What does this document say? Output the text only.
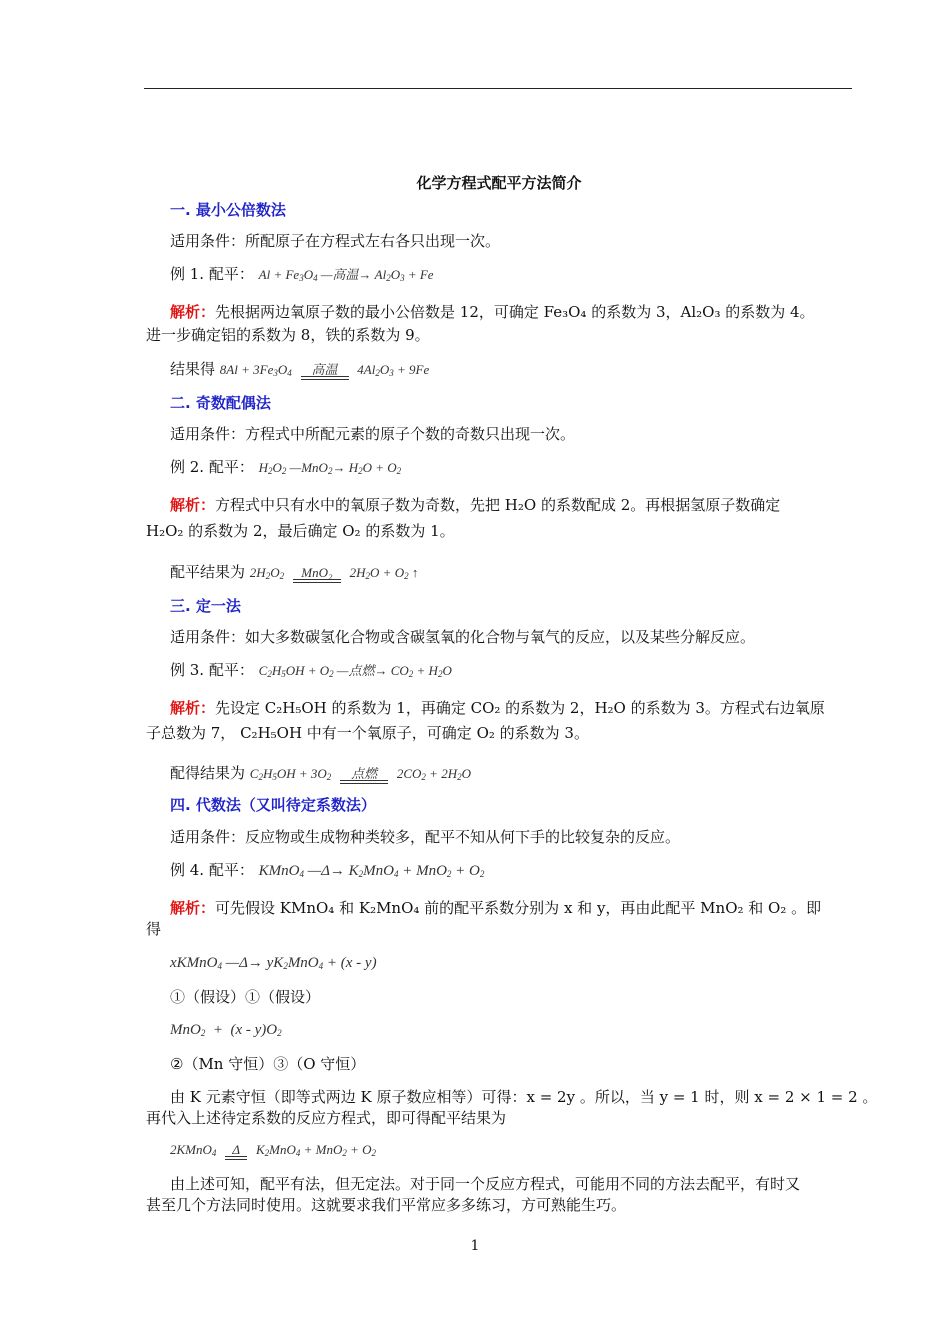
化学方程式配平方法简介
一. 最小公倍数法
适用条件：所配原子在方程式左右各只出现一次。
例 1. 配平： $Al + Fe_3O_4$ —高温→ $Al_2O_3 + Fe$
解析：先根据两边氧原子数的最小公倍数是 12，可确定 Fe₃O₄ 的系数为 3，Al₂O₃ 的系数为 4。
进一步确定铝的系数为 8，铁的系数为 9。
结果得 $8Al + 3Fe_3O_4$	高温	$4Al_2O_3 + 9Fe$
二. 奇数配偶法
适用条件：方程式中所配元素的原子个数的奇数只出现一次。
例 2. 配平： $H_2O_2$ —MnO$_2$→ $H_2O + O_2$
解析：方程式中只有水中的氧原子数为奇数，先把 H₂O 的系数配成 2。再根据氢原子数确定
H₂O₂ 的系数为 2，最后确定 O₂ 的系数为 1。
配平结果为 $2H_2O_2$	MnO₂	$2H_2O + O_2$ ↑
三. 定一法
适用条件：如大多数碳氢化合物或含碳氢氧的化合物与氧气的反应，以及某些分解反应。
例 3. 配平： $C_2H_5OH + O_2$ —点燃→ $CO_2 + H_2O$
解析：先设定 C₂H₅OH 的系数为 1，再确定 CO₂ 的系数为 2，H₂O 的系数为 3。方程式右边氧原
子总数为 7， C₂H₅OH 中有一个氧原子，可确定 O₂ 的系数为 3。
配得结果为 $C_2H_5OH + 3O_2$	点燃	$2CO_2 + 2H_2O$
四. 代数法（又叫待定系数法）
适用条件：反应物或生成物种类较多，配平不知从何下手的比较复杂的反应。
例 4. 配平： KMnO$_4$ —Δ→ $K_2MnO_4 + MnO_2 + O_2$
解析：可先假设 KMnO₄ 和 K₂MnO₄ 前的配平系数分别为 x 和 y，再由此配平 MnO₂ 和 O₂ 。即
得
xKMnO$_4$ —Δ→ $yK_2MnO_4 + (x - y)$
①（假设）①（假设）
$MnO_2 + (x - y)O_2$
②（Mn 守恒）③（O 守恒）
由 K 元素守恒（即等式两边 K 原子数应相等）可得：x = 2y 。所以，当 y = 1 时，则 x = 2 × 1 = 2 。
再代入上述待定系数的反应方程式，即可得配平结果为
2KMnO$_4$	Δ	$K_2MnO_4 + MnO_2 + O_2$
由上述可知，配平有法，但无定法。对于同一个反应方程式，可能用不同的方法去配平，有时又
甚至几个方法同时使用。这就要求我们平常应多多练习，方可熟能生巧。
1
